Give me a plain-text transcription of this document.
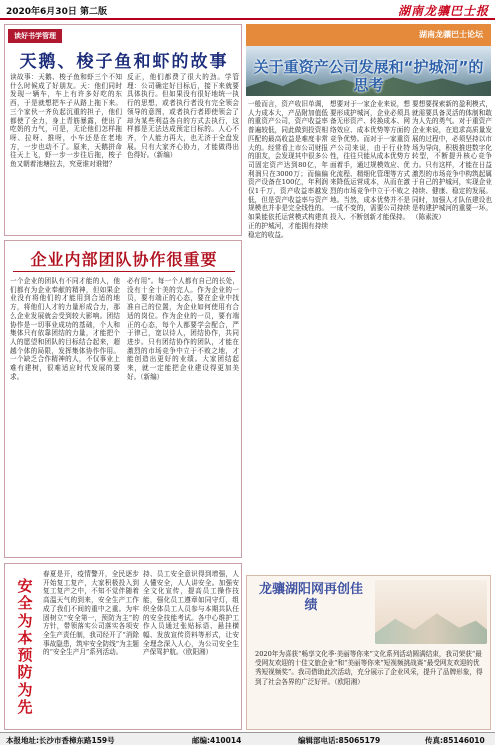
2020年6月30日 第二版	湖南龙骧巴士报
读好书学管理
天鹅、梭子鱼和虾的故事
读故事：天鹅、梭子鱼和虾三个不知什么时候成了好朋友。天：他们同时发现一辆车，车上有许多好吃的东西，于是就想把车子从路上拖下来。三个家伙一齐负起沉重的担子，他们都使了全力，身上青筋暴露，使出了吃奶的力气，可是，无论他们怎样拖呀、拉呀、推呀，小车还是在老地方，一步也动不了。原来，天鹅拼命往天上飞，虾一步一步往后拖，梭子鱼又朝着池塘拉去，究竟谁对谁错？
反正，他们都费了很大的劲。学管理：公司确定好目标后，接下来就要具体执行。但如果没有很好地统一执行的思想，或者执行者没有完全领会领导的意图，或者执行者即使领会了却为某些利益各自的方式去执行，这样都是无法达成预定目标的。人心不齐，个人能力再大，也无济于全盘发展。只有大家齐心协力，才能做得出色得好。（新编）
湖南龙骧巴士论坛
关于重资产公司发展和“护城河”的思考
一般而言，资产收旧单调，人力成本大，产品附加值低的重资产公司，资产收益率普遍较低，同此做到投资相匹配的最高收益是难度非常大的。经常看上市公司财报的朋友，会发现其中很多公司固定资产达到80亿，年利润只在3000万；而偏偏资产设备在100亿，年利润仅1千万，资产收益率越发低，但是资产收益率与资产规模也并非是完全线性的。如果能依托运营模式构建真正的护城河，才能拥有持续稳定的收益。
想要对于一家企业来说，想要形成护城河，企业必须具备无形资产、转换成本、网络效应、成本优势等方面的竞争优势。而对于一家重资产公司来说，由于行业特性，往往只能从成本优势方面着手，通过规模效应、优化流程、精细化管理等方式来降低运营成本，从而在激烈的市场竞争中立于不败之地。当然，成本优势并不是一成不变的，需要公司持续投入、不断创新才能保持。
要想要探索新的盈利模式，就需要具备灵活的体制和敢为人先的勇气。对于重资产企业来说，在追求高质量发展的过程中，必须坚持以市场为导向，积极推进数字化转型，不断提升核心竞争力。只有这样，才能在日益激烈的市场竞争中构筑起属于自己的护城河，实现企业持续、健康、稳定的发展。同时，加强人才队伍建设也是构建护城河的重要一环。（陈素波）
企业内部团队协作很重要
一个企业的团队有不同才能的人，他们都有为企业奉献的精神，但如果企业没有将他们的才能用到合适的地方，将他们人才的力量形成合力，那么企业发展就会受到较大影响。团结协作是一切事业成功的基础，个人和集体只有依靠团结的力量，才能把个人的愿望和团队的目标结合起来，超越个体的局限，发挥集体协作作用。一个缺乏合作精神的人，不仅事业上难有建树，很难适应时代发展的要求。
必有用”。每一个人都有自己的长处，没有十全十美的完人。作为企业的一员，要有端正的心态，要在企业中找准自己的位置，为企业如何使用有合适的岗位。作为企业的一员，要有端正的心态，每个人都要学会配合，严于律己，宽以待人，团结协作，共同进步。只有团结协作的团队，才能在激烈的市场竞争中立于不败之地，才能创造出更好的业绩。大家团结起来，就一定能把企业建设得更加美好。（新编）
安
全
为
本
预
防
为
先
春夏是开，疫情警开，全民逐步开始复工复产，大家积极投入到复工复产之中，不知不觉伴随着高温天气的到来，安全生产工作成了我们不间的重中之重。为牢固树立“安全第一，预防为主”的方针，带领落实公司落实各项安全生产责任制，我司经开了“消除事故隐患，筑牢安全防线”为主题的“安全生产月”系列活动。
持、员工安全意识得到增强，人人懂安全，人人讲安全。加强安全文化宣传，提高员工操作技能，强化员工遵章如同守灯，组织全体员工人员参与本期共队任的安全技能考试。各中心维护工作人员通过张贴标语、悬挂横幅、发放宣传资料等形式，让安全理念深入人心，为公司安全生产保驾护航。（欧阳湘）
龙骧湖阳网再创佳绩
2020年为喜获“畅享文化季·美丽等你来”文化系列活动圆满结束，我司荣获“最受网友欢迎的十佳文旅企业”和“美丽等你来”短视频挑战赛“最受网友欢迎的优秀短视频奖”。我司借助此次活动，充分展示了企业风采，提升了品牌形象，得到了社会各界的广泛好评。（欧阳湘）
本报地址:长沙市香樟东路159号	邮编:410014	编辑部电话:85065179	传真:85146010
